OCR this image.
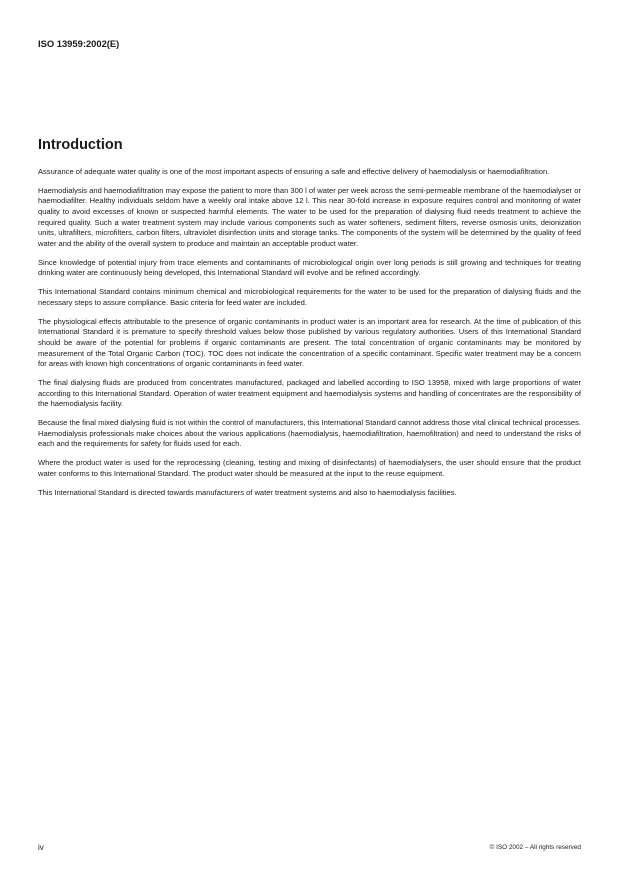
ISO 13959:2002(E)
Introduction

Assurance of adequate water quality is one of the most important aspects of ensuring a safe and effective delivery of haemodialysis or haemodiafiltration.

Haemodialysis and haemodiafiltration may expose the patient to more than 300 l of water per week across the semi-permeable membrane of the haemodialyser or haemodiafilter. Healthy individuals seldom have a weekly oral intake above 12 l. This near 30-fold increase in exposure requires control and monitoring of water quality to avoid excesses of known or suspected harmful elements. The water to be used for the preparation of dialysing fluid needs treatment to achieve the required quality. Such a water treatment system may include various components such as water softeners, sediment filters, reverse osmosis units, deionization units, ultrafilters, microfilters, carbon filters, ultraviolet disinfection units and storage tanks. The components of the system will be determined by the quality of feed water and the ability of the overall system to produce and maintain an acceptable product water.

Since knowledge of potential injury from trace elements and contaminants of microbiological origin over long periods is still growing and techniques for treating drinking water are continuously being developed, this International Standard will evolve and be refined accordingly.

This International Standard contains minimum chemical and microbiological requirements for the water to be used for the preparation of dialysing fluids and the necessary steps to assure compliance. Basic criteria for feed water are included.

The physiological effects attributable to the presence of organic contaminants in product water is an important area for research. At the time of publication of this International Standard it is premature to specify threshold values below those published by various regulatory authorities. Users of this International Standard should be aware of the potential for problems if organic contaminants are present. The total concentration of organic contaminants may be monitored by measurement of the Total Organic Carbon (TOC). TOC does not indicate the concentration of a specific contaminant. Specific water treatment may be a concern for areas with known high concentrations of organic contaminants in feed water.

The final dialysing fluids are produced from concentrates manufactured, packaged and labelled according to ISO 13958, mixed with large proportions of water according to this International Standard. Operation of water treatment equipment and haemodialysis systems and handling of concentrates are the responsibility of the haemodialysis facility.

Because the final mixed dialysing fluid is not within the control of manufacturers, this International Standard cannot address those vital clinical technical processes. Haemodialysis professionals make choices about the various applications (haemodialysis, haemodiafiltration, haemofiltration) and need to understand the risks of each and the requirements for safety for fluids used for each.

Where the product water is used for the reprocessing (cleaning, testing and mixing of disinfectants) of haemodialysers, the user should ensure that the product water conforms to this International Standard. The product water should be measured at the input to the reuse equipment.

This International Standard is directed towards manufacturers of water treatment systems and also to haemodialysis facilities.

iv	© ISO 2002 – All rights reserved
